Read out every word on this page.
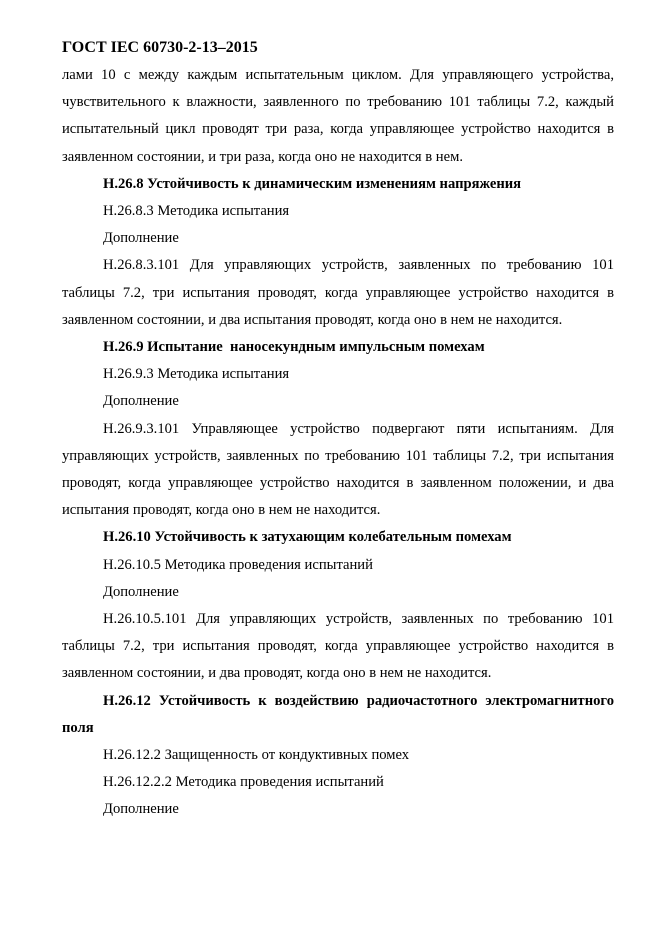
ГОСТ IEC 60730-2-13–2015

лами 10 с между каждым испытательным циклом. Для управляющего устройства, чувствительного к влажности, заявленного по требованию 101 таблицы 7.2, каждый испытательный цикл проводят три раза, когда управляющее устройство находится в заявленном состоянии, и три раза, когда оно не находится в нем.

H.26.8 Устойчивость к динамическим изменениям напряжения

H.26.8.3 Методика испытания

Дополнение

H.26.8.3.101 Для управляющих устройств, заявленных по требованию 101 таблицы 7.2, три испытания проводят, когда управляющее устройство находится в заявленном состоянии, и два испытания проводят, когда оно в нем не находится.

H.26.9 Испытание  наносекундным импульсным помехам

H.26.9.3 Методика испытания

Дополнение

H.26.9.3.101 Управляющее устройство подвергают пяти испытаниям. Для управляющих устройств, заявленных по требованию 101 таблицы 7.2, три испытания проводят, когда управляющее устройство находится в заявленном положении, и два испытания проводят, когда оно в нем не находится.

H.26.10 Устойчивость к затухающим колебательным помехам

H.26.10.5 Методика проведения испытаний

Дополнение

H.26.10.5.101 Для управляющих устройств, заявленных по требованию 101 таблицы 7.2, три испытания проводят, когда управляющее устройство находится в заявленном состоянии, и два проводят, когда оно в нем не находится.

H.26.12 Устойчивость к воздействию радиочастотного электромагнитного поля

H.26.12.2 Защищенность от кондуктивных помех

H.26.12.2.2 Методика проведения испытаний

Дополнение
